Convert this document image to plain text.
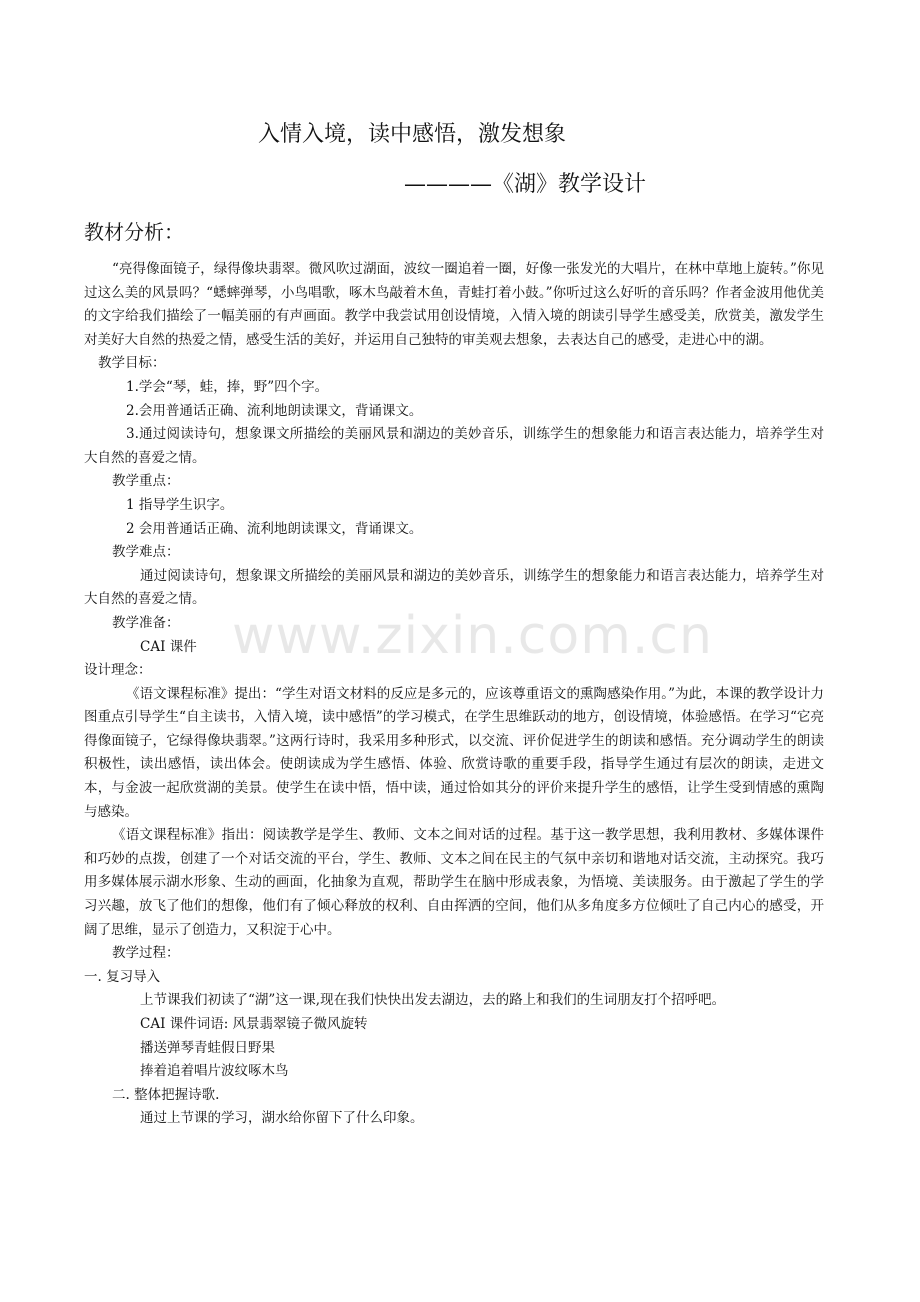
入情入境，读中感悟，激发想象
————《湖》教学设计
教材分析：

“亮得像面镜子，绿得像块翡翠。微风吹过湖面，波纹一圈追着一圈，好像一张发光的大唱片，在林中草地上旋转。”你见过这么美的风景吗？“蟋蟀弹琴，小鸟唱歌，啄木鸟敲着木鱼，青蛙打着小鼓。”你听过这么好听的音乐吗？作者金波用他优美的文字给我们描绘了一幅美丽的有声画面。教学中我尝试用创设情境，入情入境的朗读引导学生感受美，欣赏美，激发学生对美好大自然的热爱之情，感受生活的美好，并运用自己独特的审美观去想象，去表达自己的感受，走进心中的湖。

教学目标：

1.学会“琴，蛙，捧，野”四个字。

2.会用普通话正确、流利地朗读课文，背诵课文。

3.通过阅读诗句，想象课文所描绘的美丽风景和湖边的美妙音乐，训练学生的想象能力和语言表达能力，培养学生对大自然的喜爱之情。

教学重点：

1 指导学生识字。

2 会用普通话正确、流利地朗读课文，背诵课文。

教学难点：

通过阅读诗句，想象课文所描绘的美丽风景和湖边的美妙音乐，训练学生的想象能力和语言表达能力，培养学生对大自然的喜爱之情。

教学准备：

CAI 课件

设计理念：

《语文课程标准》提出：“学生对语文材料的反应是多元的，应该尊重语文的熏陶感染作用。”为此，本课的教学设计力图重点引导学生“自主读书，入情入境，读中感悟”的学习模式，在学生思维跃动的地方，创设情境，体验感悟。在学习“它亮得像面镜子，它绿得像块翡翠。”这两行诗时，我采用多种形式，以交流、评价促进学生的朗读和感悟。充分调动学生的朗读积极性，读出感悟，读出体会。使朗读成为学生感悟、体验、欣赏诗歌的重要手段，指导学生通过有层次的朗读，走进文本，与金波一起欣赏湖的美景。使学生在读中悟，悟中读，通过恰如其分的评价来提升学生的感悟，让学生受到情感的熏陶与感染。

《语文课程标准》指出：阅读教学是学生、教师、文本之间对话的过程。基于这一教学思想，我利用教材、多媒体课件和巧妙的点拨，创建了一个对话交流的平台，学生、教师、文本之间在民主的气氛中亲切和谐地对话交流，主动探究。我巧用多媒体展示湖水形象、生动的画面，化抽象为直观，帮助学生在脑中形成表象，为悟境、美读服务。由于激起了学生的学习兴趣，放飞了他们的想像，他们有了倾心释放的权利、自由挥洒的空间，他们从多角度多方位倾吐了自己内心的感受，开阔了思维，显示了创造力，又积淀于心中。

教学过程：

一. 复习导入

上节课我们初读了“湖”这一课,现在我们快快出发去湖边，去的路上和我们的生词朋友打个招呼吧。

CAI 课件词语: 风景翡翠镜子微风旋转

播送弹琴青蛙假日野果

捧着追着唱片波纹啄木鸟

二. 整体把握诗歌.

通过上节课的学习，湖水给你留下了什么印象。

www.zixin.com.cn
